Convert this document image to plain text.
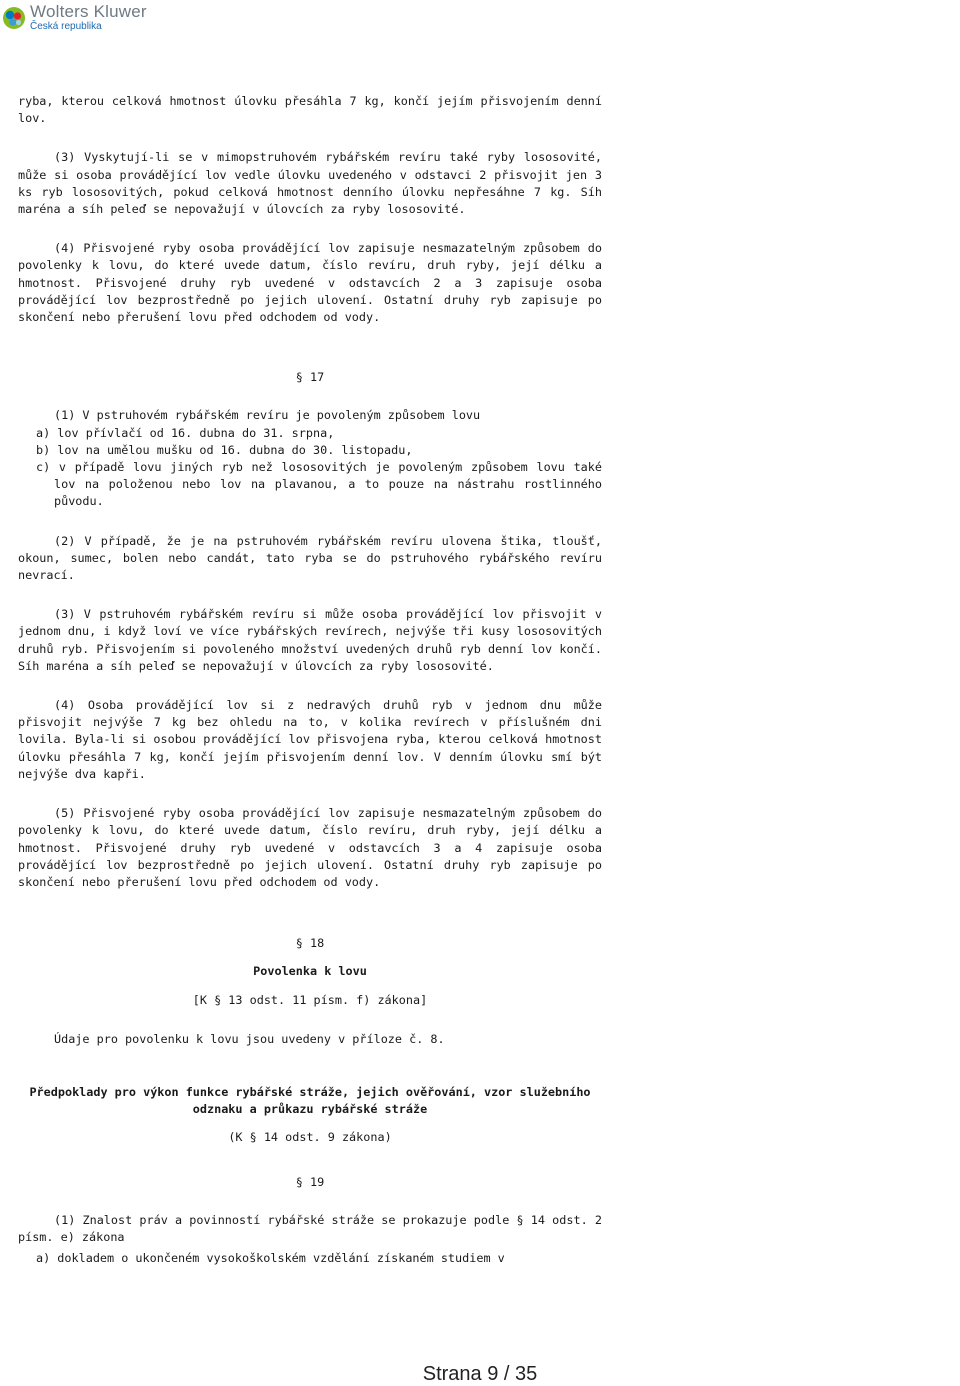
Wolters Kluwer
Česká republika

ryba, kterou celková hmotnost úlovku přesáhla 7 kg, končí jejím přisvojením denní lov.

(3) Vyskytují-li se v mimopstruhovém rybářském revíru také ryby lososovité, může si osoba provádějící lov vedle úlovku uvedeného v odstavci 2 přisvojit jen 3 ks ryb lososovitých, pokud celková hmotnost denního úlovku nepřesáhne 7 kg. Síh maréna a síh peleď se nepovažují v úlovcích za ryby lososovité.

(4) Přisvojené ryby osoba provádějící lov zapisuje nesmazatelným způsobem do povolenky k lovu, do které uvede datum, číslo revíru, druh ryby, její délku a hmotnost. Přisvojené druhy ryb uvedené v odstavcích 2 a 3 zapisuje osoba provádějící lov bezprostředně po jejich ulovení. Ostatní druhy ryb zapisuje po skončení nebo přerušení lovu před odchodem od vody.

§ 17

(1) V pstruhovém rybářském revíru je povoleným způsobem lovu

a) lov přívlačí od 16. dubna do 31. srpna,

b) lov na umělou mušku od 16. dubna do 30. listopadu,

c) v případě lovu jiných ryb než lososovitých je povoleným způsobem lovu také lov na položenou nebo lov na plavanou, a to pouze na nástrahu rostlinného původu.

(2) V případě, že je na pstruhovém rybářském revíru ulovena štika, tloušť, okoun, sumec, bolen nebo candát, tato ryba se do pstruhového rybářského revíru nevrací.

(3) V pstruhovém rybářském revíru si může osoba provádějící lov přisvojit v jednom dnu, i když loví ve více rybářských revírech, nejvýše tři kusy lososovitých druhů ryb. Přisvojením si povoleného množství uvedených druhů ryb denní lov končí. Síh maréna a síh peleď se nepovažují v úlovcích za ryby lososovité.

(4) Osoba provádějící lov si z nedravých druhů ryb v jednom dnu může přisvojit nejvýše 7 kg bez ohledu na to, v kolika revírech v příslušném dni lovila. Byla-li si osobou provádějící lov přisvojena ryba, kterou celková hmotnost úlovku přesáhla 7 kg, končí jejím přisvojením denní lov. V denním úlovku smí být nejvýše dva kapři.

(5) Přisvojené ryby osoba provádějící lov zapisuje nesmazatelným způsobem do povolenky k lovu, do které uvede datum, číslo revíru, druh ryby, její délku a hmotnost. Přisvojené druhy ryb uvedené v odstavcích 3 a 4 zapisuje osoba provádějící lov bezprostředně po jejich ulovení. Ostatní druhy ryb zapisuje po skončení nebo přerušení lovu před odchodem od vody.

§ 18

Povolenka k lovu

[K § 13 odst. 11 písm. f) zákona]

Údaje pro povolenku k lovu jsou uvedeny v příloze č. 8.

Předpoklady pro výkon funkce rybářské stráže, jejich ověřování, vzor služebního odznaku a průkazu rybářské stráže

(K § 14 odst. 9 zákona)

§ 19

(1) Znalost práv a povinností rybářské stráže se prokazuje podle § 14 odst. 2 písm. e) zákona

a) dokladem o ukončeném vysokoškolském vzdělání získaném studiem v

Strana 9 / 35
